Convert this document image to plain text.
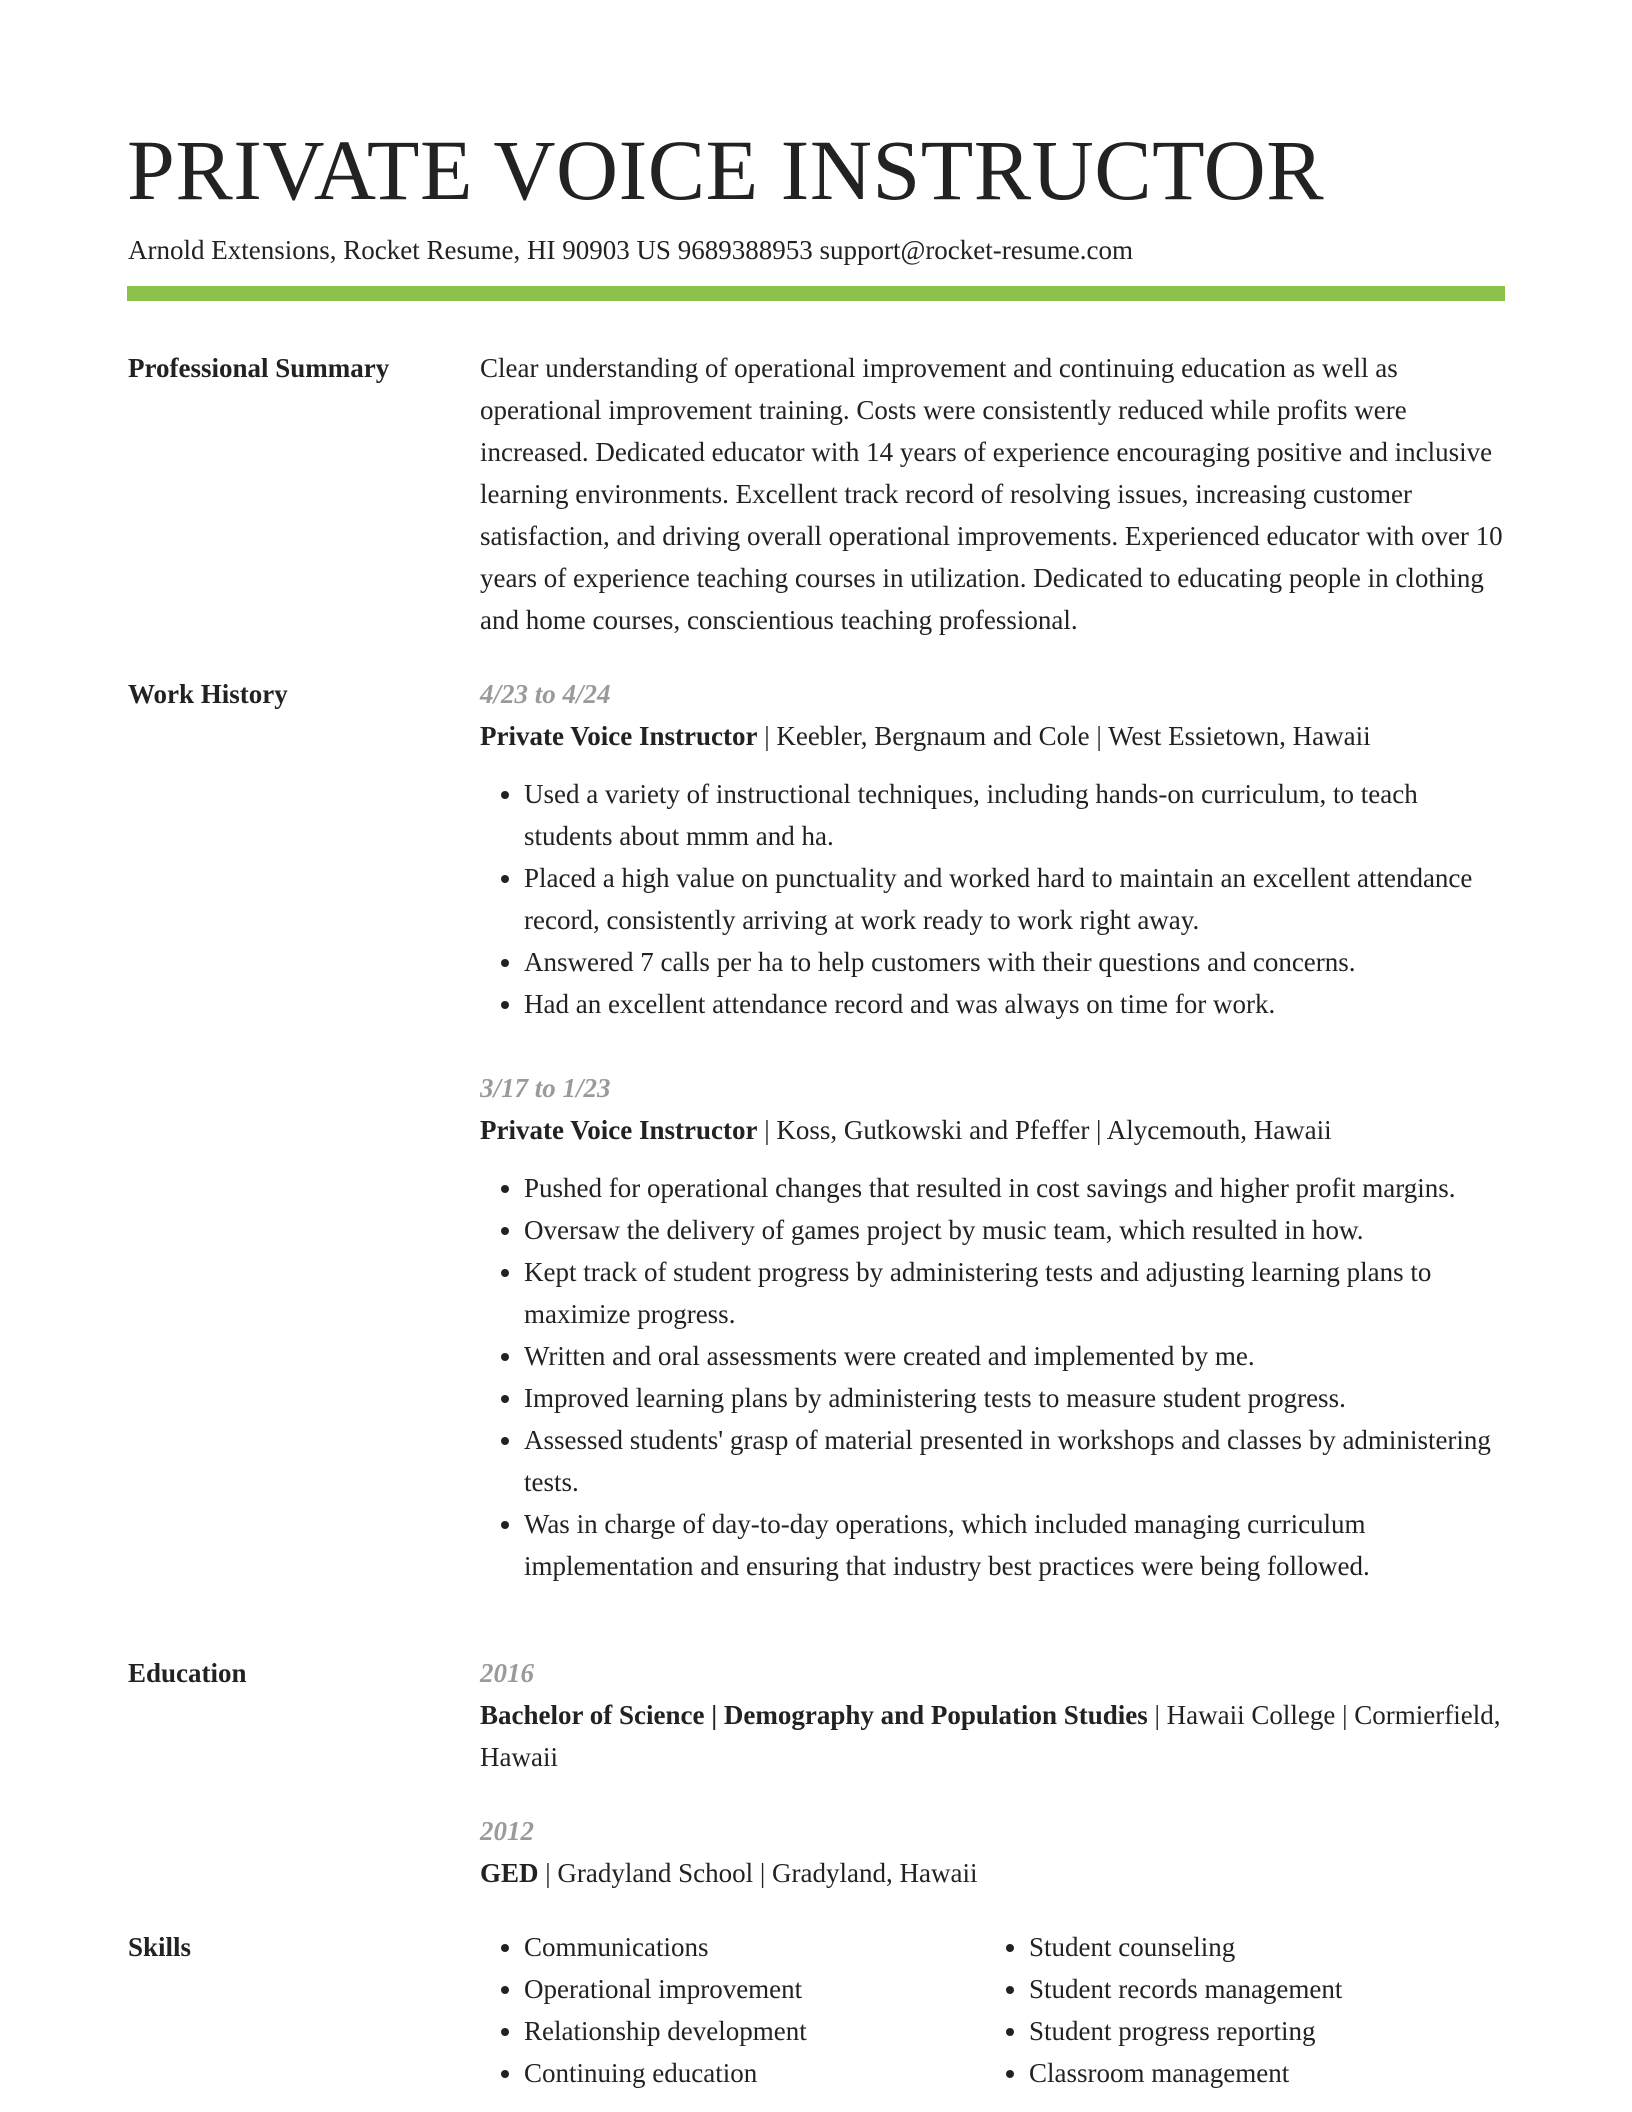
PRIVATE VOICE INSTRUCTOR
Arnold Extensions, Rocket Resume, HI 90903 US 9689388953 support@rocket-resume.com
Professional Summary	Clear understanding of operational improvement and continuing education as well as operational improvement training. Costs were consistently reduced while profits were increased. Dedicated educator with 14 years of experience encouraging positive and inclusive learning environments. Excellent track record of resolving issues, increasing customer satisfaction, and driving overall operational improvements. Experienced educator with over 10 years of experience teaching courses in utilization. Dedicated to educating people in clothing and home courses, conscientious teaching professional.

Work History	4/23 to 4/24
Private Voice Instructor | Keebler, Bergnaum and Cole | West Essietown, Hawaii
• Used a variety of instructional techniques, including hands-on curriculum, to teach students about mmm and ha.
• Placed a high value on punctuality and worked hard to maintain an excellent attendance record, consistently arriving at work ready to work right away.
• Answered 7 calls per ha to help customers with their questions and concerns.
• Had an excellent attendance record and was always on time for work.
3/17 to 1/23
Private Voice Instructor | Koss, Gutkowski and Pfeffer | Alycemouth, Hawaii
• Pushed for operational changes that resulted in cost savings and higher profit margins.
• Oversaw the delivery of games project by music team, which resulted in how.
• Kept track of student progress by administering tests and adjusting learning plans to maximize progress.
• Written and oral assessments were created and implemented by me.
• Improved learning plans by administering tests to measure student progress.
• Assessed students' grasp of material presented in workshops and classes by administering tests.
• Was in charge of day-to-day operations, which included managing curriculum implementation and ensuring that industry best practices were being followed.
Education	2016
Bachelor of Science | Demography and Population Studies | Hawaii College | Cormierfield, Hawaii
2012
GED | Gradyland School | Gradyland, Hawaii
Skills
•	Communications
• Operational improvement
• Relationship development
• Continuing education
• Student counseling
• Student records management
• Student progress reporting
• Classroom management
